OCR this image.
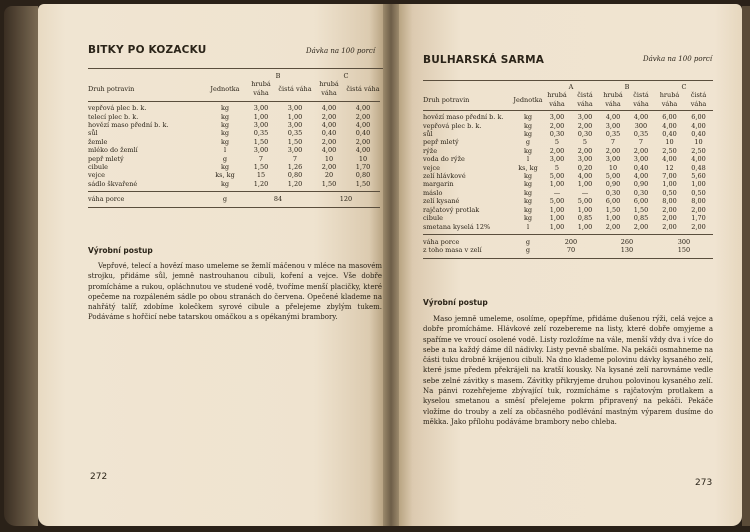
BITKY PO KOZACKU	Dávka na 100 porcí
		B		C	
Druh potravin	Jednotka	hrubá váha	čistá váha	hrubá váha	čistá váha

vepřová plec b. k.	kg	3,00	3,00	4,00	4,00
telecí plec b. k.	kg	1,00	1,00	2,00	2,00
hovězí maso přední b. k.	kg	3,00	3,00	4,00	4,00
sůl	kg	0,35	0,35	0,40	0,40
žemle	kg	1,50	1,50	2,00	2,00
mléko do žemlí	l	3,00	3,00	4,00	4,00
pepř mletý	g	7	7	10	10
cibule	kg	1,50	1,26	2,00	1,70
vejce	ks, kg	15	0,80	20	0,80
sádlo škvařené	kg	1,20	1,20	1,50	1,50

váha porce	g	84		120	

Výrobní postup
Vepřové, telecí a hovězí maso umeleme se žemlí máčenou v mléce na masovém strojku, přidáme sůl, jemně nastrouhanou cibuli, koření a vejce. Vše dobře promícháme a rukou, opláchnutou ve studené vodě, tvoříme menší placičky, které opečeme na rozpáleném sádle po obou stranách do červena. Opečené klademe na nahřátý talíř, zdobíme kolečkem syrové cibule a přelejeme zbylým tukem. Podáváme s hořčicí nebe tatarskou omáčkou a s opékanými brambory.
272
BULHARSKÁ SARMA	Dávka na 100 porcí
		A		B		C	
Druh potravin	Jednotka	hrubá váha	čistá váha	hrubá váha	čistá váha	hrubá váha	čistá váha

hovězí maso přední b. k.	kg	3,00	3,00	4,00	4,00	6,00	6,00
vepřová plec b. k.	kg	2,00	2,00	3,00	300	4,00	4,00
sůl	kg	0,30	0,30	0,35	0,35	0,40	0,40
pepř mletý	g	5	5	7	7	10	10
rýže	kg	2,00	2,00	2,00	2,00	2,50	2,50
voda do rýže	l	3,00	3,00	3,00	3,00	4,00	4,00
vejce	ks, kg	5	0,20	10	0,40	12	0,48
zelí hlávkové	kg	5,00	4,00	5,00	4,00	7,00	5,60
margarin	kg	1,00	1,00	0,90	0,90	1,00	1,00
máslo	kg	—	—	0,30	0,30	0,50	0,50
zelí kysané	kg	5,00	5,00	6,00	6,00	8,00	8,00
rajčatový protlak	kg	1,00	1,00	1,50	1,50	2,00	2,00
cibule	kg	1,00	0,85	1,00	0,85	2,00	1,70
smetana kyselá 12%	l	1,00	1,00	2,00	2,00	2,00	2,00

váha porce	g	200		260		300	
z toho masa v zelí	g	70		130		150	

Výrobní postup
Maso jemně umeleme, osolíme, opepříme, přidáme dušenou rýži, celá vejce a dobře promícháme. Hlávkové zelí rozebereme na listy, které dobře omyjeme a spaříme ve vroucí osolené vodě. Listy rozložíme na vále, menší vždy dva i více do sebe a na každý dáme díl nádivky. Listy pevně sbalíme. Na pekáči osmahneme na části tuku drobně krájenou cibuli. Na dno klademe polovinu dávky kysaného zelí, které jsme předem překrájeli na kratší kousky. Na kysané zelí narovnáme vedle sebe zelné závitky s masem. Závitky přikryjeme druhou polovinou kysaného zelí. Na pánvi rozehřejeme zbývající tuk, rozmícháme s rajčatovým protlakem a kyselou smetanou a směsí přelejeme pokrm připravený na pekáči. Pekáče vložíme do trouby a zelí za občasného podlévání mastným výparem dusíme do měkka. Jako přílohu podáváme brambory nebo chleba.
273
